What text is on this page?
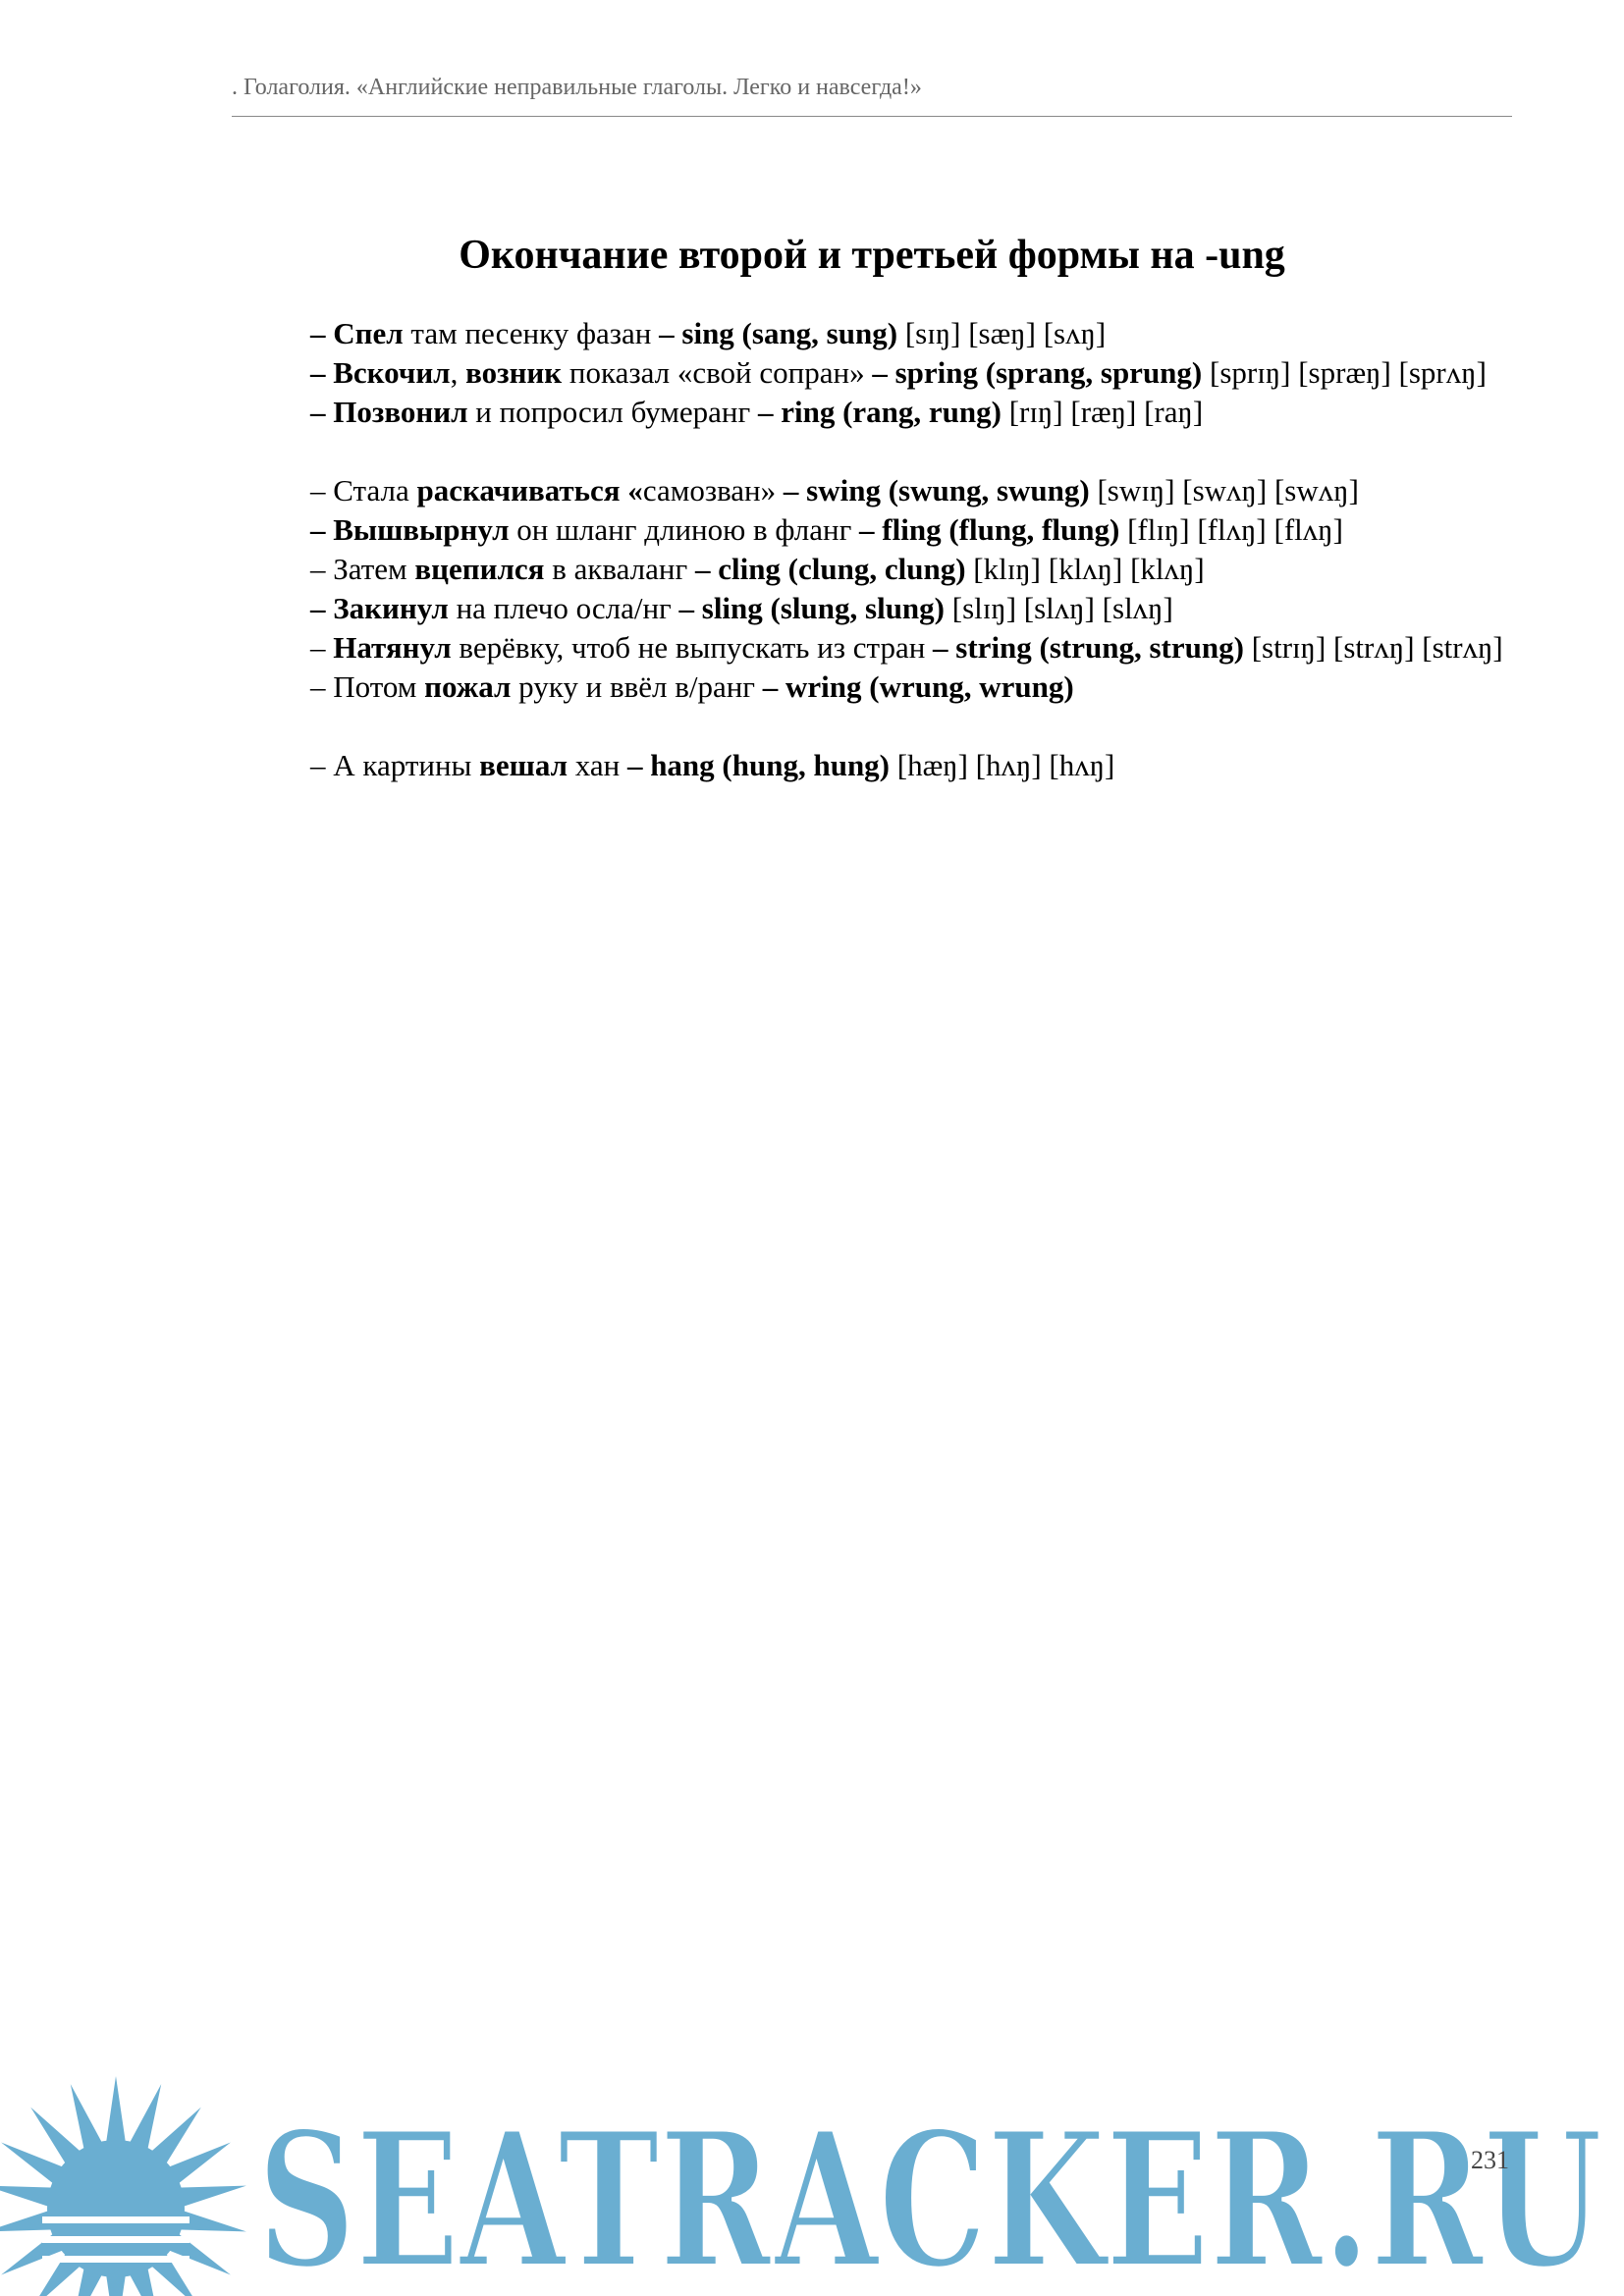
. Голаголия. «Английские неправильные глаголы. Легко и навсегда!»
Окончание второй и третьей формы на -ung
– Спел там песенку фазан – sing (sang, sung) [sɪŋ] [sæŋ] [sʌŋ]
– Вскочил, возник показал «свой сопран» – spring (sprang, sprung) [sprɪŋ] [spræŋ] [sprʌŋ]
– Позвонил и попросил бумеранг – ring (rang, rung) [rɪŋ] [ræŋ] [raŋ]
– Стала раскачиваться «самозван» – swing (swung, swung) [swɪŋ] [swʌŋ] [swʌŋ]
– Вышвырнул он шланг длиною в фланг – fling (flung, flung) [flɪŋ] [flʌŋ] [flʌŋ]
– Затем вцепился в акваланг – cling (clung, clung) [klɪŋ] [klʌŋ] [klʌŋ]
– Закинул на плечо осла/нг – sling (slung, slung) [slɪŋ] [slʌŋ] [slʌŋ]
– Натянул верёвку, чтоб не выпускать из стран – string (strung, strung) [strɪŋ] [strʌŋ] [strʌŋ]
– Потом пожал руку и ввёл в/ранг – wring (wrung, wrung)
– А картины вешал хан – hang (hung, hung) [hæŋ] [hʌŋ] [hʌŋ]
SEATRACKER.RU
231
